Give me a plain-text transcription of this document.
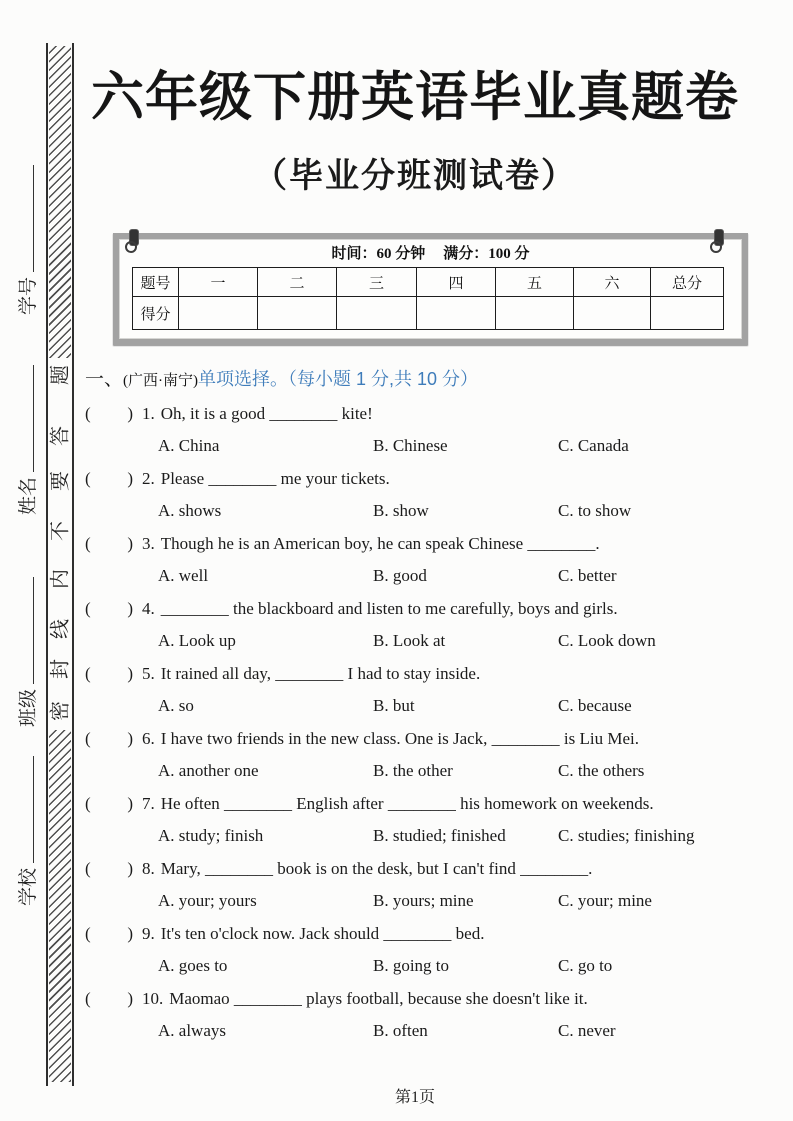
题
答
要
不
内
线
封
密
学号
姓名
班级
学校
六年级下册英语毕业真题卷
（毕业分班测试卷）
时间：60 分钟 满分：100 分
题号	一	二	三	四	五	六	总分
得分							
一、(广西·南宁)单项选择。（每小题 1 分,共 10 分）
( ) 1. Oh, it is a good ________ kite!
A. China	B. Chinese	C. Canada
( ) 2. Please ________ me your tickets.
A. shows	B. show	C. to show
( ) 3. Though he is an American boy, he can speak Chinese ________.
A. well	B. good	C. better
( ) 4. ________ the blackboard and listen to me carefully, boys and girls.
A. Look up	B. Look at	C. Look down
( ) 5. It rained all day, ________ I had to stay inside.
A. so	B. but	C. because
( ) 6. I have two friends in the new class. One is Jack, ________ is Liu Mei.
A. another one	B. the other	C. the others
( ) 7. He often ________ English after ________ his homework on weekends.
A. study; finish	B. studied; finished	C. studies; finishing
( ) 8. Mary, ________ book is on the desk, but I can't find ________.
A. your; yours	B. yours; mine	C. your; mine
( ) 9. It's ten o'clock now. Jack should ________ bed.
A. goes to	B. going to	C. go to
( ) 10. Maomao ________ plays football, because she doesn't like it.
A. always	B. often	C. never
第1页
